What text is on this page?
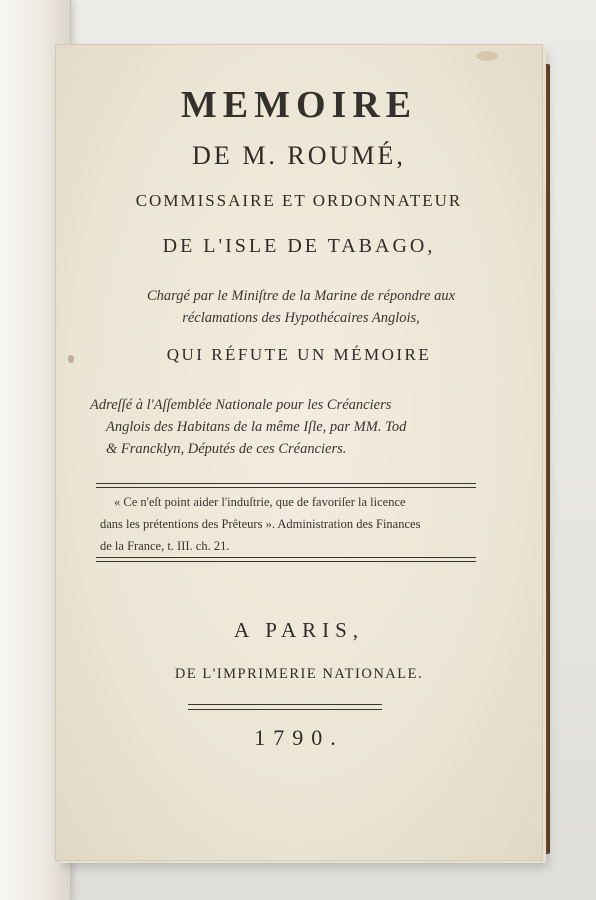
MEMOIRE
DE M. ROUMÉ,
COMMISSAIRE ET ORDONNATEUR
DE L'ISLE DE TABAGO,
Chargé par le Miniſtre de la Marine de répondre aux
réclamations des Hypothécaires Anglois,
QUI RÉFUTE UN MÉMOIRE
Adreſſé à l'Aſſemblée Nationale pour les Créanciers
Anglois des Habitans de la même Iſle, par MM. Tod
& Francklyn, Députés de ces Créanciers.
« Ce n'eſt point aider l'induſtrie, que de favoriſer la licence
dans les prétentions des Prêteurs ». Administration des Finances
de la France, t. III. ch. 21.
A PARIS,
DE L'IMPRIMERIE NATIONALE.
1790.
